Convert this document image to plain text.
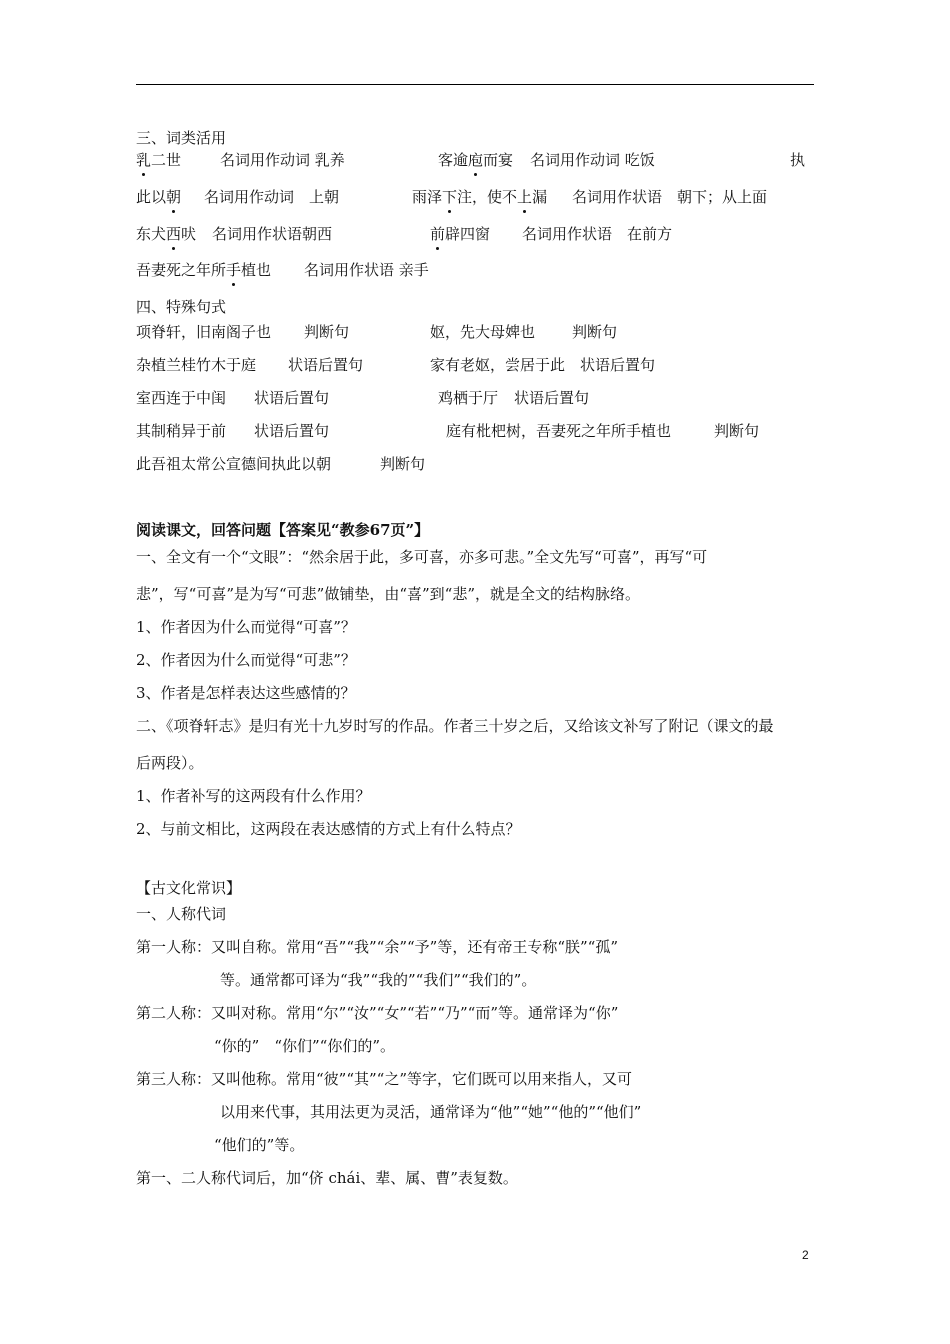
三、词类活用
乳二世	名词用作动词 乳养	客逾庖而宴 名词用作动词 吃饭	执
此以朝 名词用作动词　上朝	雨泽下注，使不上漏 名词用作状语　朝下；从上面
东犬西吠 名词用作状语朝西	前辟四窗 名词用作状语　在前方
吾妻死之年所手植也 名词用作状语 亲手
四、特殊句式
项脊轩，旧南阁子也 判断句	妪，先大母婢也 判断句
杂植兰桂竹木于庭 状语后置句	家有老妪，尝居于此 状语后置句
室西连于中闺 状语后置句	鸡栖于厅 状语后置句
其制稍异于前 状语后置句	庭有枇杷树，吾妻死之年所手植也	判断句
此吾祖太常公宣德间执此以朝	判断句
阅读课文，回答问题【答案见“教参67页”】
一、全文有一个“文眼”：“然余居于此，多可喜，亦多可悲。”全文先写“可喜”，再写“可
悲”，写“可喜”是为写“可悲”做铺垫，由“喜”到“悲”，就是全文的结构脉络。
1、作者因为什么而觉得“可喜”？
2、作者因为什么而觉得“可悲”？
3、作者是怎样表达这些感情的？
二、《项脊轩志》是归有光十九岁时写的作品。作者三十岁之后，又给该文补写了附记（课文的最
后两段）。
1、作者补写的这两段有什么作用？
2、与前文相比，这两段在表达感情的方式上有什么特点？
【古文化常识】
一、人称代词
第一人称：又叫自称。常用“吾”“我”“余”“予”等，还有帝王专称“朕”“孤”
等。通常都可译为“我”“我的”“我们”“我们的”。
第二人称：又叫对称。常用“尔”“汝”“女”“若”“乃”“而”等。通常译为“你”
“你的”　“你们”“你们的”。
第三人称：又叫他称。常用“彼”“其”“之”等字，它们既可以用来指人，又可
以用来代事，其用法更为灵活，通常译为“他”“她”“他的”“他们”
“他们的”等。
第一、二人称代词后，加“侪 chái、辈、属、曹”表复数。
2
